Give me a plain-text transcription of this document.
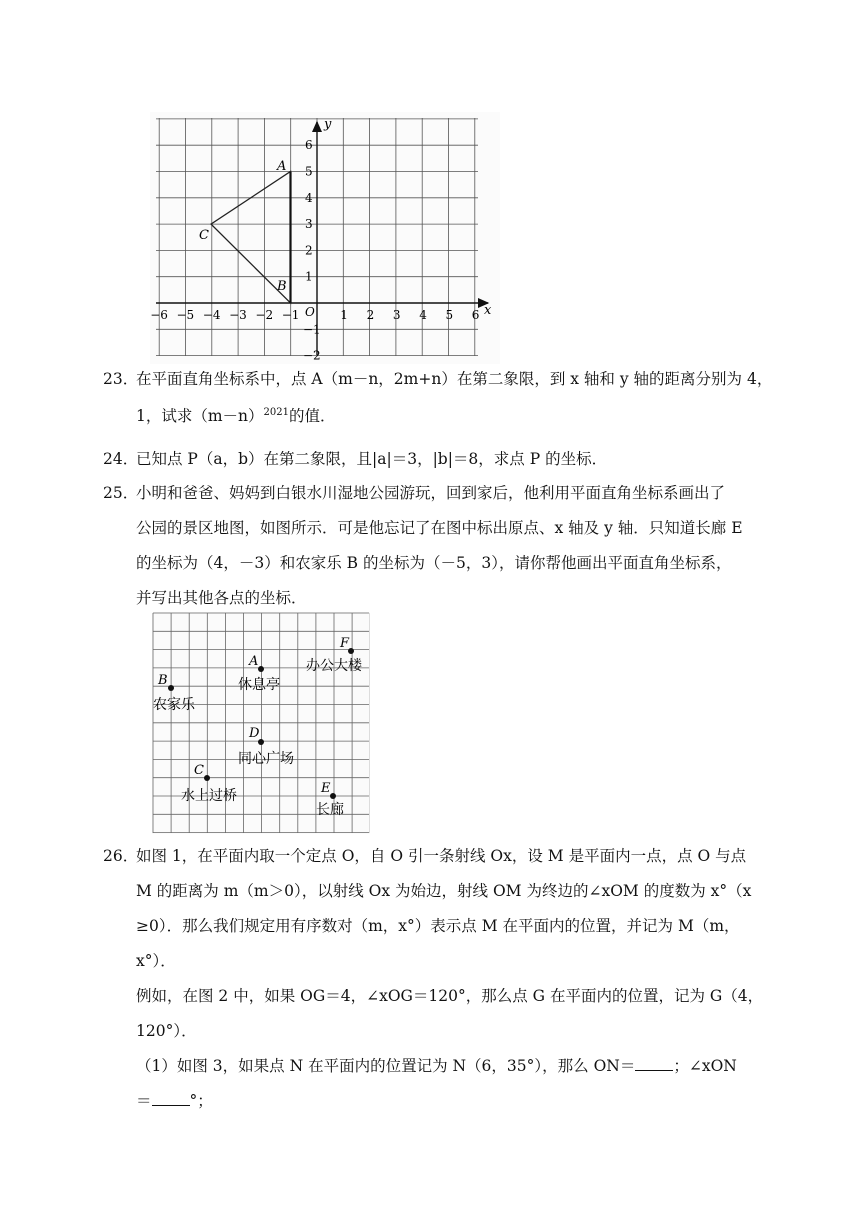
x
y
O
−6 −5 −4 −3 −2 −1	1 2 3 4 5 6
6
5
4
3
2
1
−1
−2
A
B
C
23．
在平面直角坐标系中，点 A（m－n，2m+n）在第二象限，到 x 轴和 y 轴的距离分别为 4，
1，试求$(m-n)^{2021}$的值．
24．
已知点 P（a，b）在第二象限，且|a|＝3，|b|＝8，求点 P 的坐标．
25．
小明和爸爸、妈妈到白银水川湿地公园游玩，回到家后，他利用平面直角坐标系画出了
公园的景区地图，如图所示．可是他忘记了在图中标出原点、x 轴及 y 轴．只知道长廊 E
的坐标为（4，－3）和农家乐 B 的坐标为（－5，3），请你帮他画出平面直角坐标系，
并写出其他各点的坐标．
A
休息亭
B
农家乐
C
水上过桥
D
同心广场
E
长廊
F
办公大楼
26．
如图 1，在平面内取一个定点 O，自 O 引一条射线 Ox，设 M 是平面内一点，点 O 与点
M 的距离为 m（m＞0），以射线 Ox 为始边，射线 OM 为终边的∠xOM 的度数为 x°（x
≥0）．那么我们规定用有序数对（m，x°）表示点 M 在平面内的位置，并记为 M（m，
x°）．
例如，在图 2 中，如果 OG＝4，∠xOG＝120°，那么点 G 在平面内的位置，记为 G（4，
120°）．
（1）如图 3，如果点 N 在平面内的位置记为 N（6，35°），那么 ON＝ ；∠xON
＝ °；
